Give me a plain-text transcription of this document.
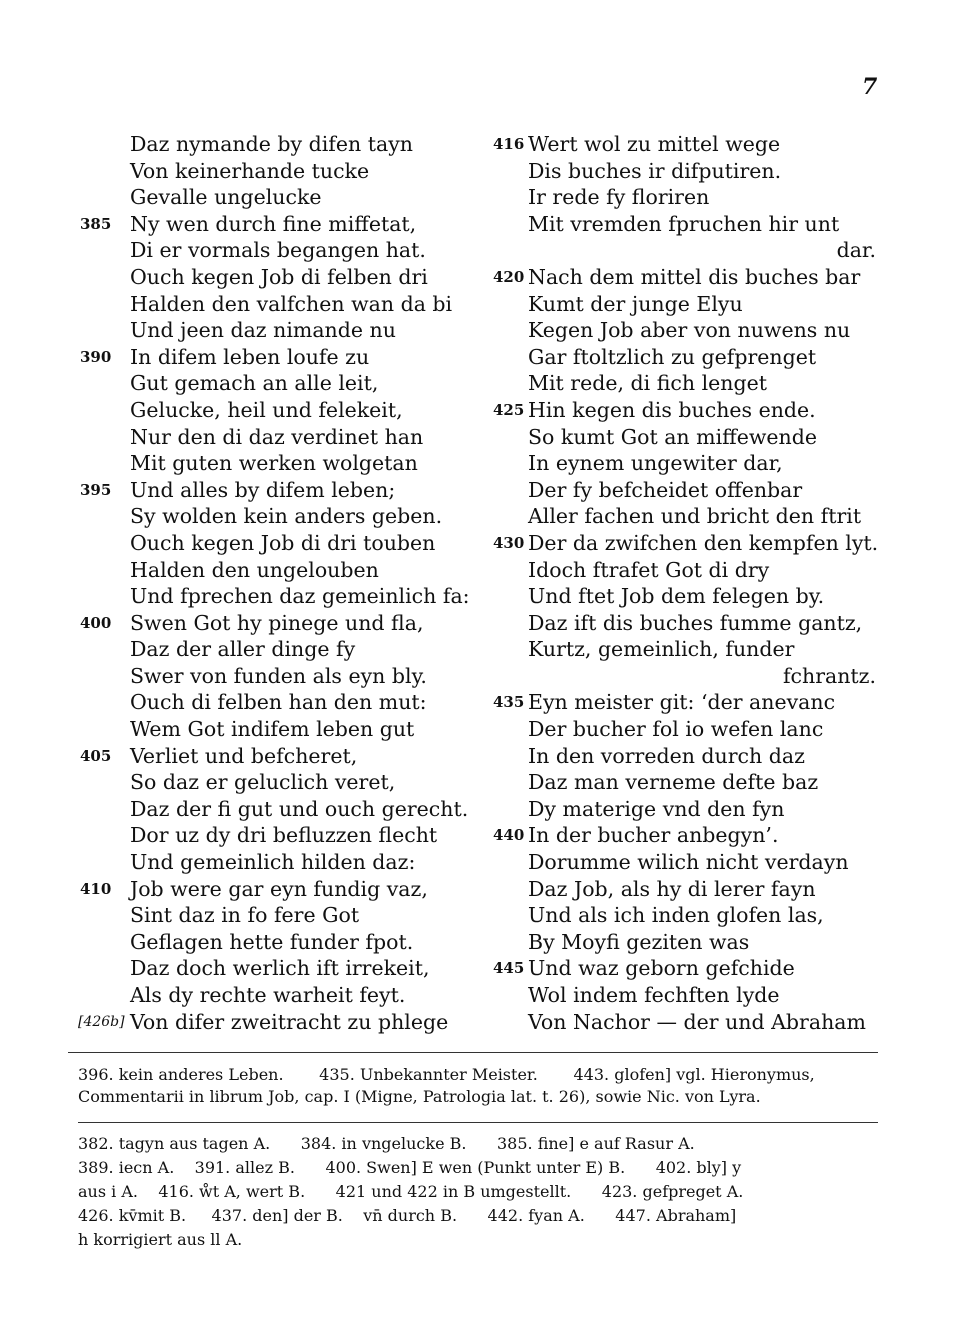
7
Daz nymande by difen tayn
Von keinerhande tucke
Gevalle ungelucke
385 Ny wen durch fine miffetat,
Di er vormals begangen hat.
Ouch kegen Job di felben dri
Halden den valfchen wan da bi
Und jeen daz nimande nu
390 In difem leben loufe zu
Gut gemach an alle leit,
Gelucke, heil und felekeit,
Nur den di daz verdinet han
Mit guten werken wolgetan
395 Und alles by difem leben;
Sy wolden kein anders geben.
Ouch kegen Job di dri touben
Halden den ungelouben
Und fprechen daz gemeinlich fa:
400 Swen Got hy pinege und fla,
Daz der aller dinge fy
Swer von funden als eyn bly.
Ouch di felben han den mut:
Wem Got indifem leben gut
405 Verliet und befcheret,
So daz er geluclich veret,
Daz der fi gut und ouch gerecht.
Dor uz dy dri befluzzen flecht
Und gemeinlich hilden daz:
410 Job were gar eyn fundig vaz,
Sint daz in fo fere Got
Geflagen hette funder fpot.
Daz doch werlich ift irrekeit,
Als dy rechte warheit feyt.
[426b] Von difer zweitracht zu phlege
416 Wert wol zu mittel wege
Dis buches ir difputiren.
Ir rede fy floriren
Mit vremden fpruchen hir unt
dar.
420 Nach dem mittel dis buches bar
Kumt der junge Elyu
Kegen Job aber von nuwens nu
Gar ftoltzlich zu gefprenget
Mit rede, di fich lenget
425 Hin kegen dis buches ende.
So kumt Got an miffewende
In eynem ungewiter dar,
Der fy befcheidet offenbar
Aller fachen und bricht den ftrit
430 Der da zwifchen den kempfen lyt.
Idoch ftrafet Got di dry
Und ftet Job dem felegen by.
Daz ift dis buches fumme gantz,
Kurtz, gemeinlich, funder
fchrantz.
435 Eyn meister git: ‘der anevanc
Der bucher fol io wefen lanc
In den vorreden durch daz
Daz man verneme defte baz
Dy materige vnd den fyn
440 In der bucher anbegyn’.
Dorumme wilich nicht verdayn
Daz Job, als hy di lerer fayn
Und als ich inden glofen las,
By Moyfi geziten was
445 Und waz geborn gefchide
Wol indem fechften lyde
Von Nachor — der und Abraham
396. kein anderes Leben.       435. Unbekannter Meister.       443. glofen] vgl. Hieronymus,
Commentarii in librum Job, cap. I (Migne, Patrologia lat. t. 26), sowie Nic. von Lyra.
382. tagyn aus tagen A.      384. in vngelucke B.      385. fine] e auf Rasur A.
389. iecn A.    391. allez B.      400. Swen] E wen (Punkt unter E) B.      402. bly] y
aus i A.    416. ẘt A, wert B.      421 und 422 in B umgestellt.      423. gefpreget A.
426. kv̄mit B.     437. den] der B.    vn̄ durch B.      442. fyan A.      447. Abraham]
h korrigiert aus ll A.
